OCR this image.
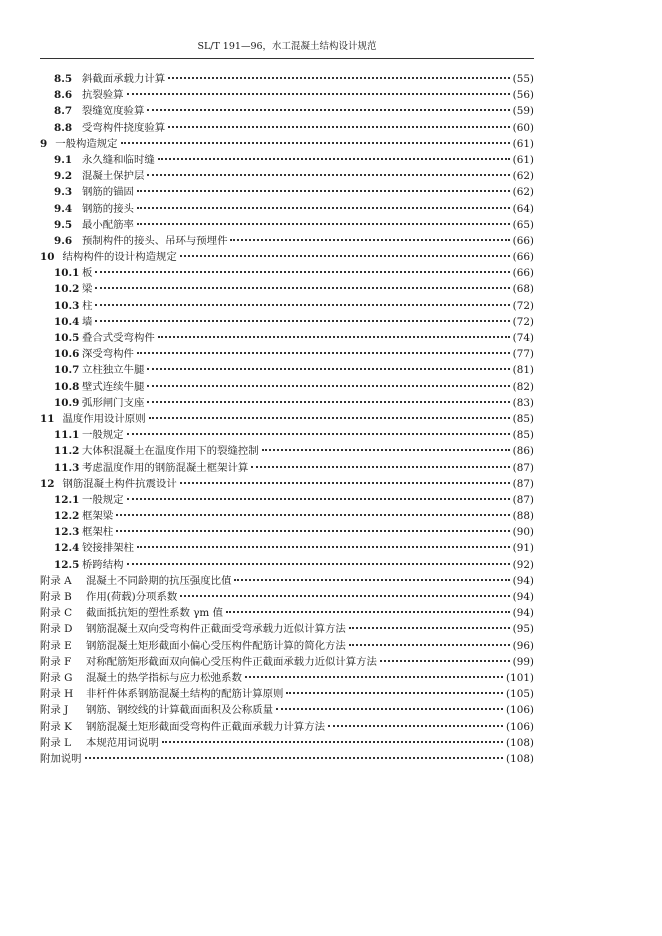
SL/T 191—96，水工混凝土结构设计规范
8.5 斜截面承载力计算	(55)
8.6 抗裂验算	(56)
8.7 裂缝宽度验算	(59)
8.8 受弯构件挠度验算	(60)
9 一般构造规定	(61)
9.1 永久缝和临时缝	(61)
9.2 混凝土保护层	(62)
9.3 钢筋的锚固	(62)
9.4 钢筋的接头	(64)
9.5 最小配筋率	(65)
9.6 预制构件的接头、吊环与预埋件	(66)
10 结构构件的设计构造规定	(66)
10.1 板	(66)
10.2 梁	(68)
10.3 柱	(72)
10.4 墙	(72)
10.5 叠合式受弯构件	(74)
10.6 深受弯构件	(77)
10.7 立柱独立牛腿	(81)
10.8 壁式连续牛腿	(82)
10.9 弧形闸门支座	(83)
11 温度作用设计原则	(85)
11.1 一般规定	(85)
11.2 大体积混凝土在温度作用下的裂缝控制	(86)
11.3 考虑温度作用的钢筋混凝土框架计算	(87)
12 钢筋混凝土构件抗震设计	(87)
12.1 一般规定	(87)
12.2 框架梁	(88)
12.3 框架柱	(90)
12.4 铰接排架柱	(91)
12.5 桥跨结构	(92)
附录 A	混凝土不同龄期的抗压强度比值	(94)
附录 B	作用(荷载)分项系数	(94)
附录 C	截面抵抗矩的塑性系数 γm 值	(94)
附录 D	钢筋混凝土双向受弯构件正截面受弯承载力近似计算方法	(95)
附录 E	钢筋混凝土矩形截面小偏心受压构件配筋计算的简化方法	(96)
附录 F	对称配筋矩形截面双向偏心受压构件正截面承载力近似计算方法	(99)
附录 G	混凝土的热学指标与应力松弛系数	(101)
附录 H	非杆件体系钢筋混凝土结构的配筋计算原则	(105)
附录 J	钢筋、钢绞线的计算截面面积及公称质量	(106)
附录 K	钢筋混凝土矩形截面受弯构件正截面承载力计算方法	(106)
附录 L	本规范用词说明	(108)
附加说明	(108)
